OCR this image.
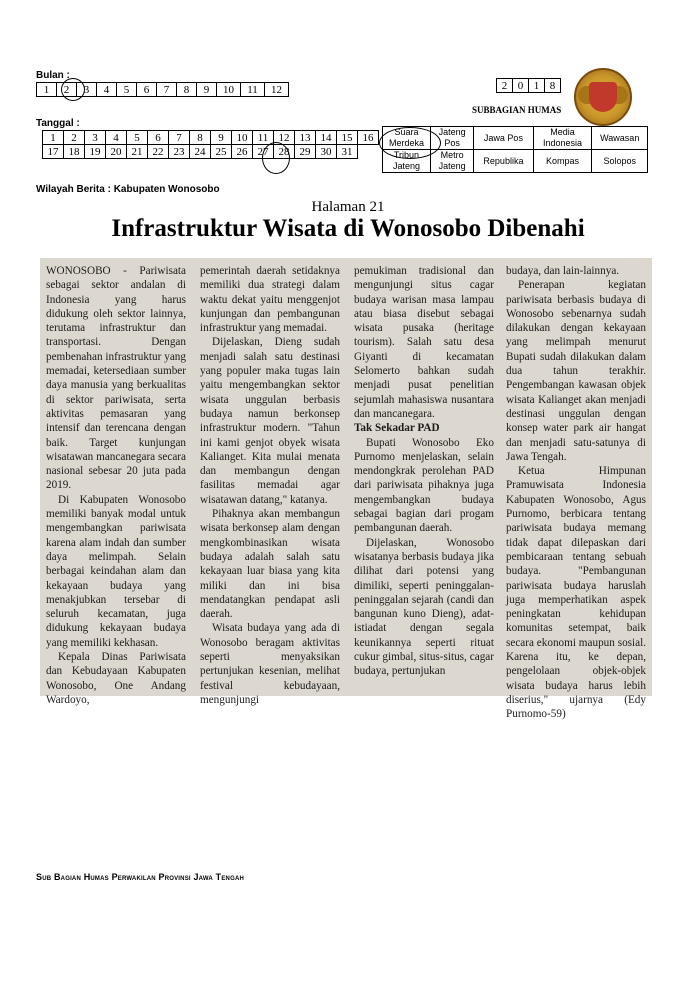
Bulan :
1	2	3	4	5	6	7	8	9	10	11	12
Tanggal :
1	2	3	4	5	6	7	8	9	10	11	12	13	14	15	16
17	18	19	20	21	22	23	24	25	26	27	28	29	30	31	
Wilayah Berita : Kabupaten Wonosobo
2	0	1	8
SUBBAGIAN HUMAS
Suara Merdeka	Jateng Pos	Jawa Pos	Media Indonesia	Wawasan
Tribun Jateng	Metro Jateng	Republika	Kompas	Solopos
Halaman 21
Infrastruktur Wisata di Wonosobo Dibenahi

WONOSOBO - Pariwisata sebagai sektor andalan di Indonesia yang harus didukung oleh sektor lainnya, terutama infrastruktur dan transportasi. Dengan pembenahan infrastruktur yang memadai, ketersediaan sumber daya manusia yang berkualitas di sektor pariwisata, serta aktivitas pemasaran yang intensif dan terencana dengan baik. Target kunjungan wisatawan mancanegara secara nasional sebesar 20 juta pada 2019.

Di Kabupaten Wonosobo memiliki banyak modal untuk mengembangkan pariwisata karena alam indah dan sumber daya melimpah. Selain berbagai keindahan alam dan kekayaan budaya yang menakjubkan tersebar di seluruh kecamatan, juga didukung kekayaan budaya yang memiliki kekhasan.

Kepala Dinas Pariwisata dan Kebudayaan Kabupaten Wonosobo, One Andang Wardoyo,

pemerintah daerah setidaknya memiliki dua strategi dalam waktu dekat yaitu menggenjot kunjungan dan pembangunan infrastruktur yang memadai.

Dijelaskan, Dieng sudah menjadi salah satu destinasi yang populer maka tugas lain yaitu mengembangkan sektor wisata unggulan berbasis budaya namun berkonsep infrastruktur modern. "Tahun ini kami genjot obyek wisata Kalianget. Kita mulai menata dan membangun dengan fasilitas memadai agar wisatawan datang," katanya.

Pihaknya akan membangun wisata berkonsep alam dengan mengkombinasikan wisata budaya adalah salah satu kekayaan luar biasa yang kita miliki dan ini bisa mendatangkan pendapat asli daerah.

Wisata budaya yang ada di Wonosobo beragam aktivitas seperti menyaksikan pertunjukan kesenian, melihat festival kebudayaan, mengunjungi

pemukiman tradisional dan mengunjungi situs cagar budaya warisan masa lampau atau biasa disebut sebagai wisata pusaka (heritage tourism). Salah satu desa Giyanti di kecamatan Selomerto bahkan sudah menjadi pusat penelitian sejumlah mahasiswa nusantara dan mancanegara.

Tak Sekadar PAD

Bupati Wonosobo Eko Purnomo menjelaskan, selain mendongkrak perolehan PAD dari pariwisata pihaknya juga mengembangkan budaya sebagai bagian dari progam pembangunan daerah.

Dijelaskan, Wonosobo wisatanya berbasis budaya jika dilihat dari potensi yang dimiliki, seperti peninggalan-peninggalan sejarah (candi dan bangunan kuno Dieng), adat-istiadat dengan segala keunikannya seperti rituat cukur gimbal, situs-situs, cagar budaya, pertunjukan

budaya, dan lain-lainnya.

Penerapan kegiatan pariwisata berbasis budaya di Wonosobo sebenarnya sudah dilakukan dengan kekayaan yang melimpah menurut Bupati sudah dilakukan dalam dua tahun terakhir. Pengembangan kawasan objek wisata Kalianget akan menjadi destinasi unggulan dengan konsep water park air hangat dan menjadi satu-satunya di Jawa Tengah.

Ketua Himpunan Pramuwisata Indonesia Kabupaten Wonosobo, Agus Purnomo, berbicara tentang pariwisata budaya memang tidak dapat dilepaskan dari pembicaraan tentang sebuah budaya. "Pembangunan pariwisata budaya haruslah juga memperhatikan aspek peningkatan kehidupan komunitas setempat, baik secara ekonomi maupun sosial. Karena itu, ke depan, pengelolaan objek-objek wisata budaya harus lebih diserius," ujarnya (Edy Purnomo-59)

Sub Bagian Humas Perwakilan Provinsi Jawa Tengah
